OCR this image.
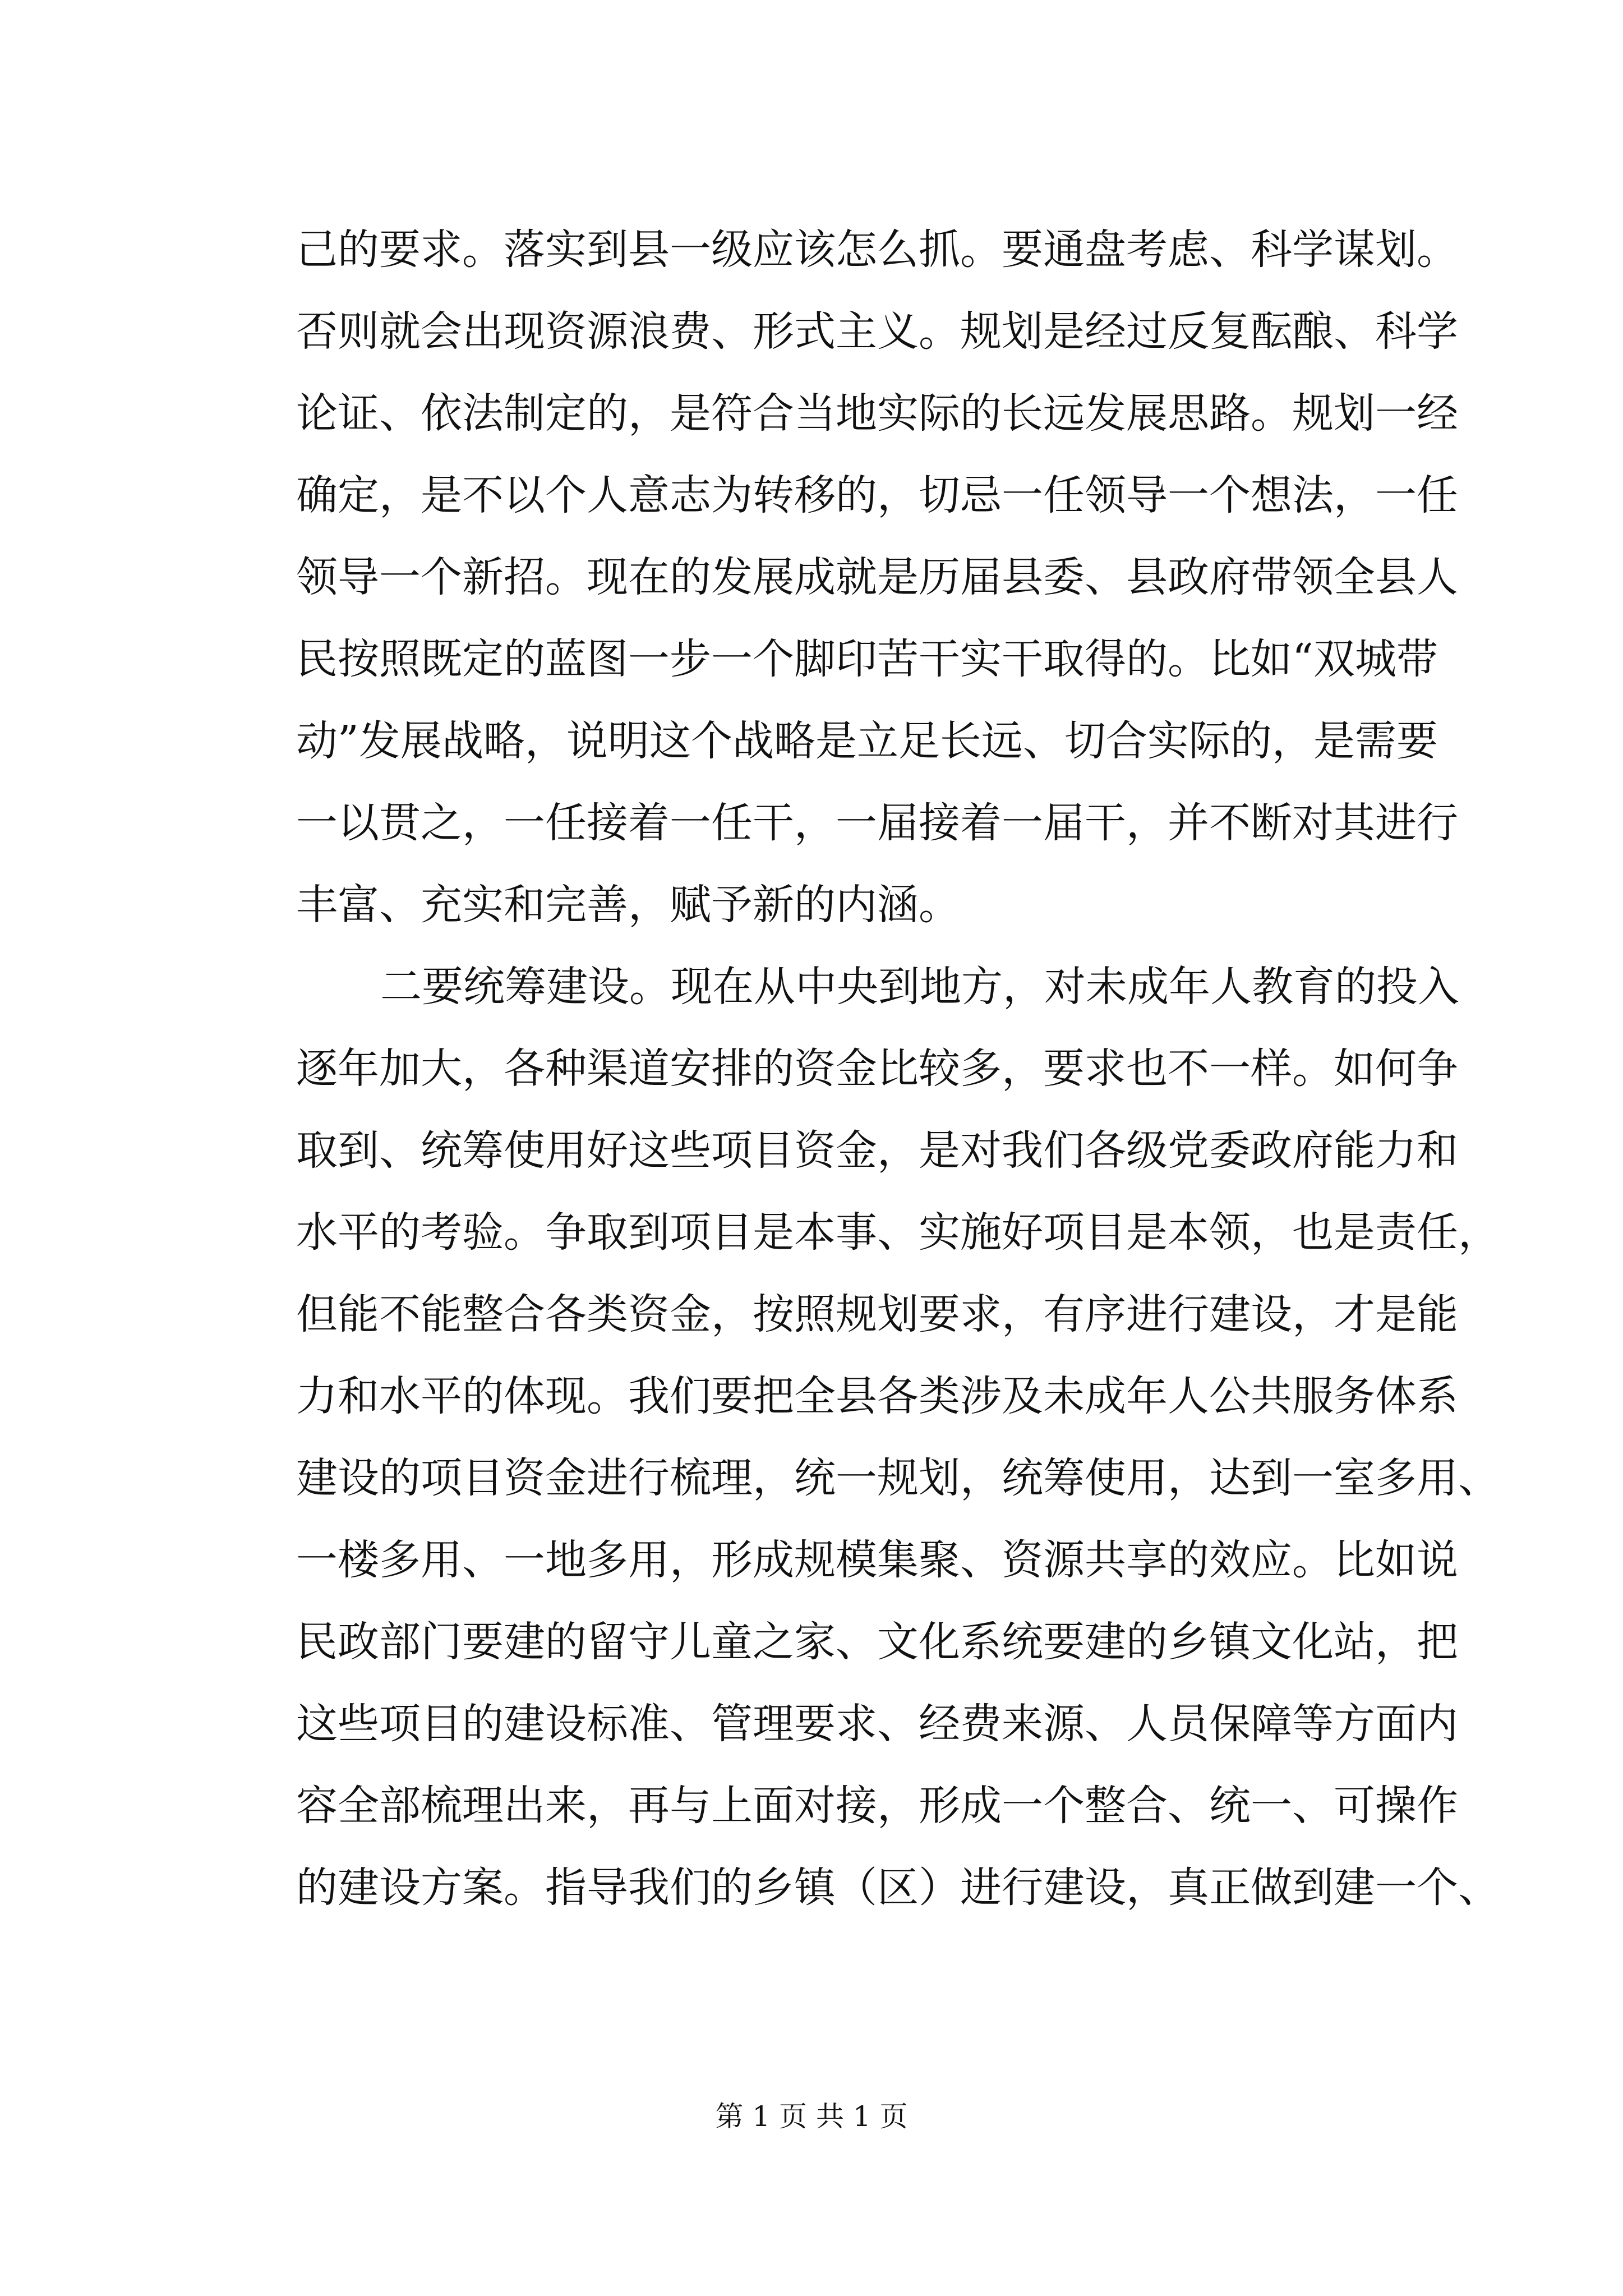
己的要求。落实到县一级应该怎么抓。要通盘考虑、科学谋划。
否则就会出现资源浪费、形式主义。规划是经过反复酝酿、科学
论证、依法制定的，是符合当地实际的长远发展思路。规划一经
确定，是不以个人意志为转移的，切忌一任领导一个想法，一任
领导一个新招。现在的发展成就是历届县委、县政府带领全县人
民按照既定的蓝图一步一个脚印苦干实干取得的。比如“双城带
动”发展战略，说明这个战略是立足长远、切合实际的，是需要
一以贯之，一任接着一任干，一届接着一届干，并不断对其进行
丰富、充实和完善，赋予新的内涵。
二要统筹建设。现在从中央到地方，对未成年人教育的投入
逐年加大，各种渠道安排的资金比较多，要求也不一样。如何争
取到、统筹使用好这些项目资金，是对我们各级党委政府能力和
水平的考验。争取到项目是本事、实施好项目是本领，也是责任，
但能不能整合各类资金，按照规划要求，有序进行建设，才是能
力和水平的体现。我们要把全县各类涉及未成年人公共服务体系
建设的项目资金进行梳理，统一规划，统筹使用，达到一室多用、
一楼多用、一地多用，形成规模集聚、资源共享的效应。比如说
民政部门要建的留守儿童之家、文化系统要建的乡镇文化站，把
这些项目的建设标准、管理要求、经费来源、人员保障等方面内
容全部梳理出来，再与上面对接，形成一个整合、统一、可操作
的建设方案。指导我们的乡镇（区）进行建设，真正做到建一个、
第 1 页 共 1 页
